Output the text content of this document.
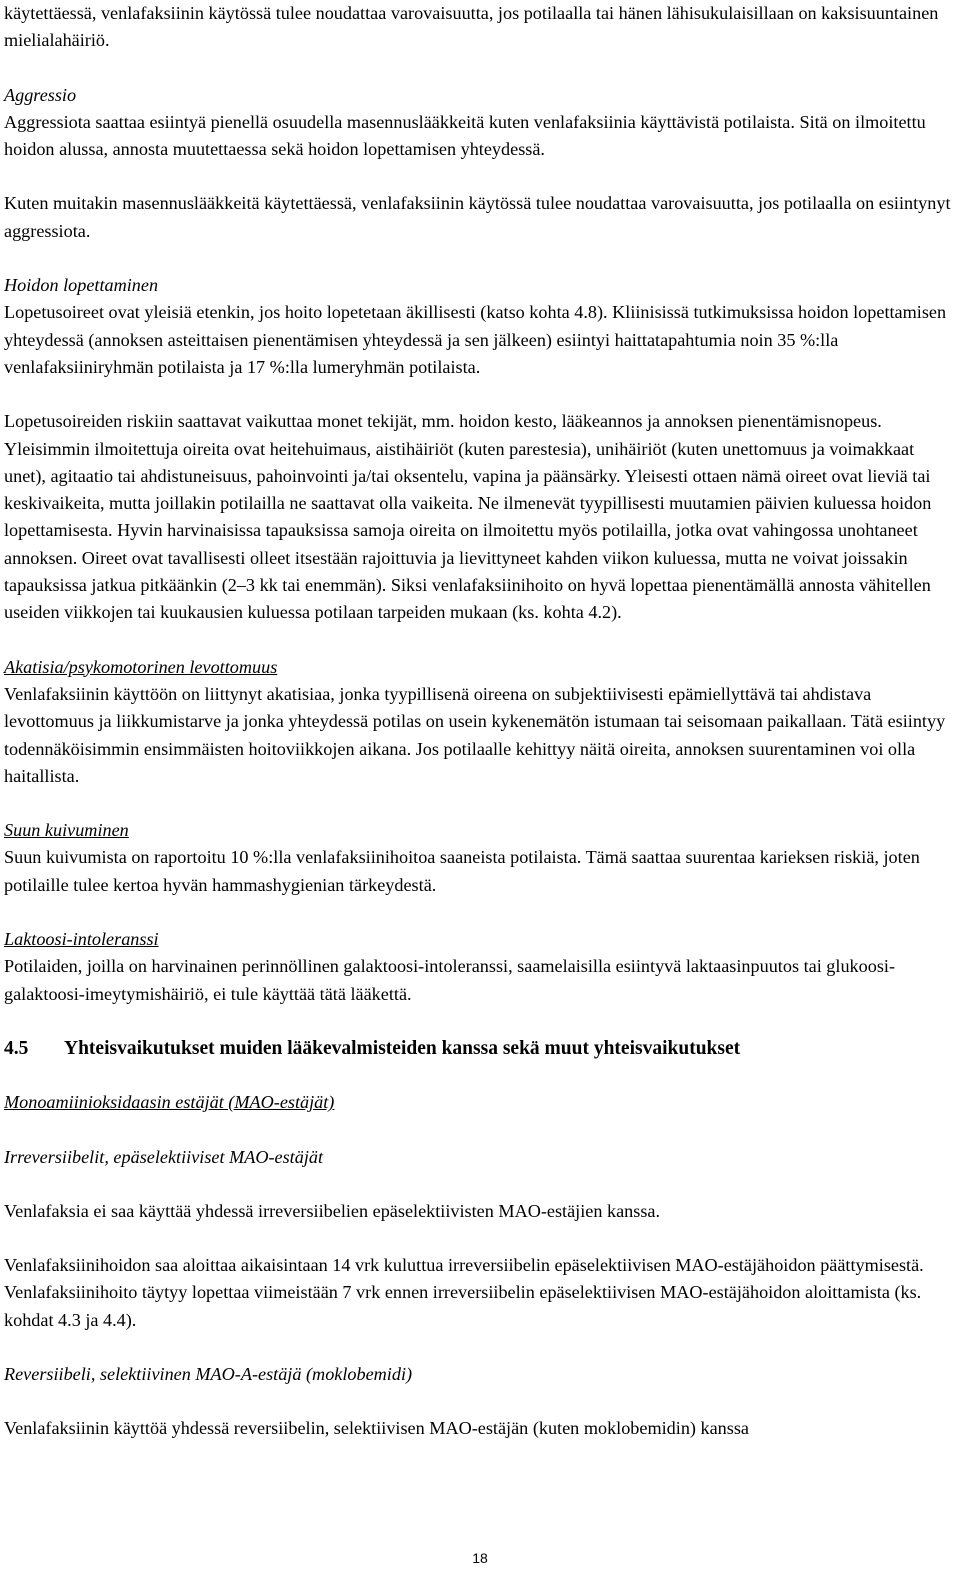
käytettäessä, venlafaksiinin käytössä tulee noudattaa varovaisuutta, jos potilaalla tai hänen lähisukulaisillaan on kaksisuuntainen mielialahäiriö.

Aggressio

Aggressiota saattaa esiintyä pienellä osuudella masennuslääkkeitä kuten venlafaksiinia käyttävistä potilaista. Sitä on ilmoitettu hoidon alussa, annosta muutettaessa sekä hoidon lopettamisen yhteydessä.

Kuten muitakin masennuslääkkeitä käytettäessä, venlafaksiinin käytössä tulee noudattaa varovaisuutta, jos potilaalla on esiintynyt aggressiota.

Hoidon lopettaminen

Lopetusoireet ovat yleisiä etenkin, jos hoito lopetetaan äkillisesti (katso kohta 4.8). Kliinisissä tutkimuksissa hoidon lopettamisen yhteydessä (annoksen asteittaisen pienentämisen yhteydessä ja sen jälkeen) esiintyi haittatapahtumia noin 35 %:lla venlafaksiiniryhmän potilaista ja 17 %:lla lumeryhmän potilaista.

Lopetusoireiden riskiin saattavat vaikuttaa monet tekijät, mm. hoidon kesto, lääkeannos ja annoksen pienentämisnopeus. Yleisimmin ilmoitettuja oireita ovat heitehuimaus, aistihäiriöt (kuten parestesia), unihäiriöt (kuten unettomuus ja voimakkaat unet), agitaatio tai ahdistuneisuus, pahoinvointi ja/tai oksentelu, vapina ja päänsärky. Yleisesti ottaen nämä oireet ovat lieviä tai keskivaikeita, mutta joillakin potilailla ne saattavat olla vaikeita. Ne ilmenevät tyypillisesti muutamien päivien kuluessa hoidon lopettamisesta. Hyvin harvinaisissa tapauksissa samoja oireita on ilmoitettu myös potilailla, jotka ovat vahingossa unohtaneet annoksen. Oireet ovat tavallisesti olleet itsestään rajoittuvia ja lievittyneet kahden viikon kuluessa, mutta ne voivat joissakin tapauksissa jatkua pitkäänkin (2–3 kk tai enemmän). Siksi venlafaksiinihoito on hyvä lopettaa pienentämällä annosta vähitellen useiden viikkojen tai kuukausien kuluessa potilaan tarpeiden mukaan (ks. kohta 4.2).

Akatisia/psykomotorinen levottomuus

Venlafaksiinin käyttöön on liittynyt akatisiaa, jonka tyypillisenä oireena on subjektiivisesti epämiellyttävä tai ahdistava levottomuus ja liikkumistarve ja jonka yhteydessä potilas on usein kykenemätön istumaan tai seisomaan paikallaan. Tätä esiintyy todennäköisimmin ensimmäisten hoitoviikkojen aikana. Jos potilaalle kehittyy näitä oireita, annoksen suurentaminen voi olla haitallista.

Suun kuivuminen

Suun kuivumista on raportoitu 10 %:lla venlafaksiinihoitoa saaneista potilaista. Tämä saattaa suurentaa karieksen riskiä, joten potilaille tulee kertoa hyvän hammashygienian tärkeydestä.

Laktoosi-intoleranssi

Potilaiden, joilla on harvinainen perinnöllinen galaktoosi-intoleranssi, saamelaisilla esiintyvä laktaasinpuutos tai glukoosi-galaktoosi-imeytymishäiriö, ei tule käyttää tätä lääkettä.

4.5 Yhteisvaikutukset muiden lääkevalmisteiden kanssa sekä muut yhteisvaikutukset

Monoamiinioksidaasin estäjät (MAO-estäjät)

Irreversiibelit, epäselektiiviset MAO-estäjät

Venlafaksia ei saa käyttää yhdessä irreversiibelien epäselektiivisten MAO-estäjien kanssa.

Venlafaksiinihoidon saa aloittaa aikaisintaan 14 vrk kuluttua irreversiibelin epäselektiivisen MAO-estäjähoidon päättymisestä. Venlafaksiinihoito täytyy lopettaa viimeistään 7 vrk ennen irreversiibelin epäselektiivisen MAO-estäjähoidon aloittamista (ks. kohdat 4.3 ja 4.4).

Reversiibeli, selektiivinen MAO-A-estäjä (moklobemidi)

Venlafaksiinin käyttöä yhdessä reversiibelin, selektiivisen MAO-estäjän (kuten moklobemidin) kanssa

18
